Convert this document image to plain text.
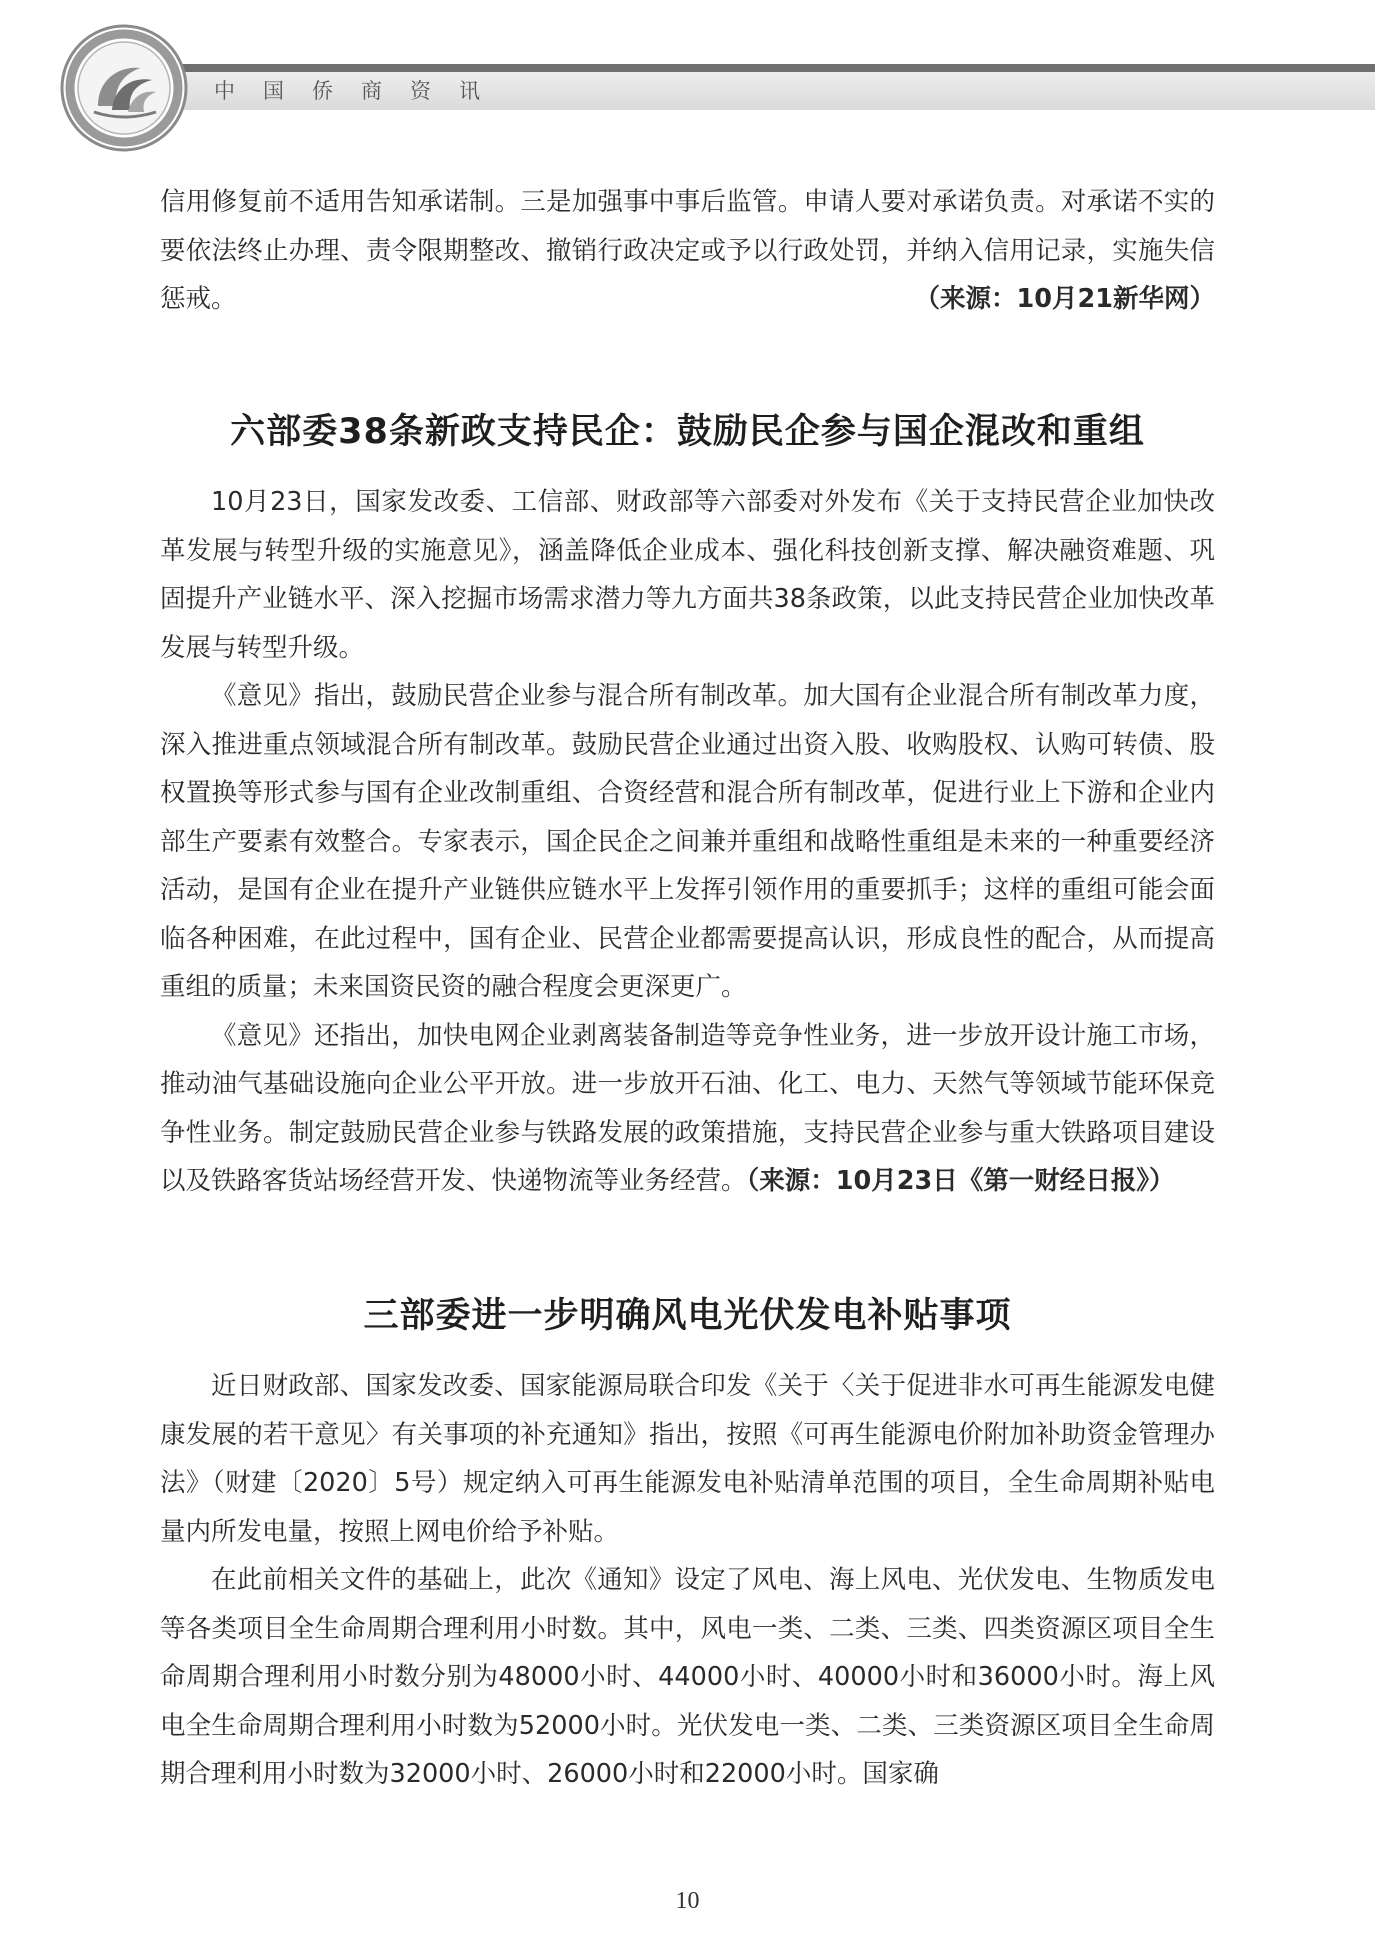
中国侨商资讯

信用修复前不适用告知承诺制。三是加强事中事后监管。申请人要对承诺负责。对承诺不实的要依法终止办理、责令限期整改、撤销行政决定或予以行政处罚，并纳入信用记录，实施失信惩戒。	（来源：10月21新华网）
六部委38条新政支持民企：鼓励民企参与国企混改和重组

10月23日，国家发改委、工信部、财政部等六部委对外发布《关于支持民营企业加快改革发展与转型升级的实施意见》，涵盖降低企业成本、强化科技创新支撑、解决融资难题、巩固提升产业链水平、深入挖掘市场需求潜力等九方面共38条政策，以此支持民营企业加快改革发展与转型升级。

《意见》指出，鼓励民营企业参与混合所有制改革。加大国有企业混合所有制改革力度，深入推进重点领域混合所有制改革。鼓励民营企业通过出资入股、收购股权、认购可转债、股权置换等形式参与国有企业改制重组、合资经营和混合所有制改革，促进行业上下游和企业内部生产要素有效整合。专家表示，国企民企之间兼并重组和战略性重组是未来的一种重要经济活动，是国有企业在提升产业链供应链水平上发挥引领作用的重要抓手；这样的重组可能会面临各种困难，在此过程中，国有企业、民营企业都需要提高认识，形成良性的配合，从而提高重组的质量；未来国资民资的融合程度会更深更广。

《意见》还指出，加快电网企业剥离装备制造等竞争性业务，进一步放开设计施工市场，推动油气基础设施向企业公平开放。进一步放开石油、化工、电力、天然气等领域节能环保竞争性业务。制定鼓励民营企业参与铁路发展的政策措施，支持民营企业参与重大铁路项目建设以及铁路客货站场经营开发、快递物流等业务经营。（来源：10月23日《第一财经日报》）

三部委进一步明确风电光伏发电补贴事项

近日财政部、国家发改委、国家能源局联合印发《关于〈关于促进非水可再生能源发电健康发展的若干意见〉有关事项的补充通知》指出，按照《可再生能源电价附加补助资金管理办法》（财建〔2020〕5号）规定纳入可再生能源发电补贴清单范围的项目，全生命周期补贴电量内所发电量，按照上网电价给予补贴。

在此前相关文件的基础上，此次《通知》设定了风电、海上风电、光伏发电、生物质发电等各类项目全生命周期合理利用小时数。其中，风电一类、二类、三类、四类资源区项目全生命周期合理利用小时数分别为48000小时、44000小时、40000小时和36000小时。海上风电全生命周期合理利用小时数为52000小时。光伏发电一类、二类、三类资源区项目全生命周期合理利用小时数为32000小时、26000小时和22000小时。国家确

10
